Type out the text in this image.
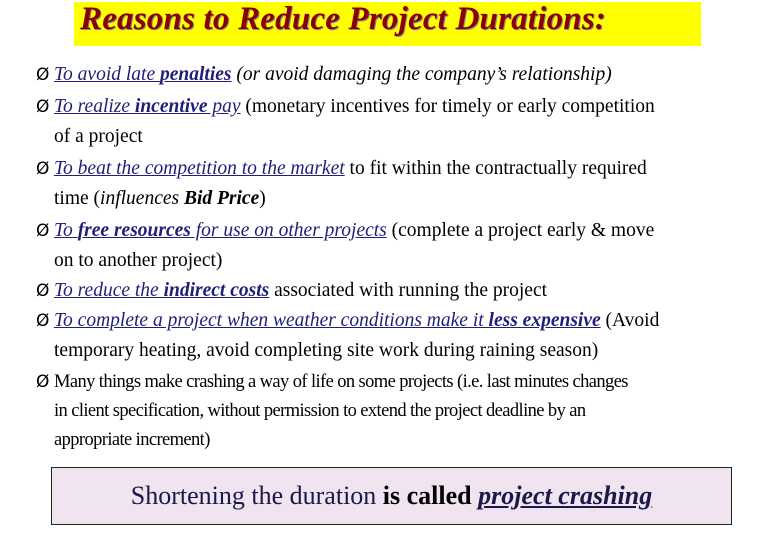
Reasons to Reduce Project Durations:
Ø To avoid late penalties (or avoid damaging the company’s relationship)
Ø To realize incentive pay (monetary incentives for timely or early competition
of a project
Ø To beat the competition to the market to fit within the contractually required
time (influences Bid Price)
Ø To free resources for use on other projects (complete a project early & move
on to another project)
Ø To reduce the indirect costs associated with running the project
Ø To complete a project when weather conditions make it less expensive (Avoid
temporary heating, avoid completing site work during raining season)
Ø Many things make crashing a way of life on some projects (i.e. last minutes changes
in client specification, without permission to extend the project deadline by an
appropriate increment)
Shortening the duration is called project crashing
